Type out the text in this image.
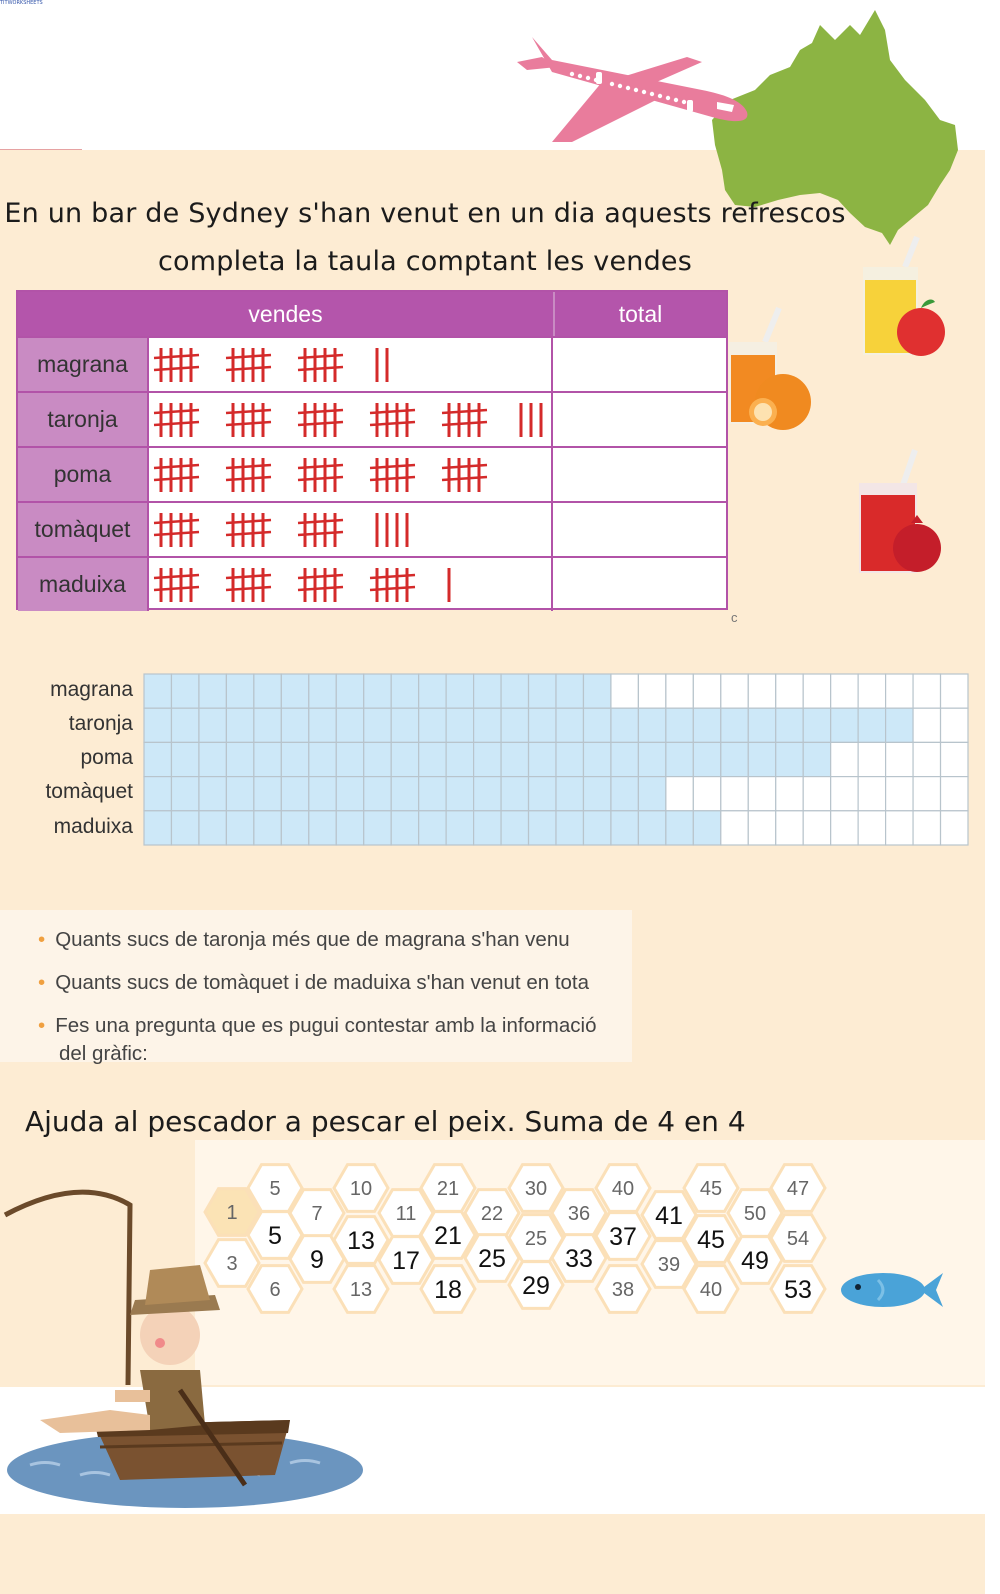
TITWORKSHEETS
En un bar de Sydney s'han venut en un dia aquests refrescos
completa la taula comptant les vendes
vendes	total
magrana
taronja
poma
tomàquet
maduixa
c
magrana
taronja
poma
tomàquet
maduixa
• Quants sucs de taronja més que de magrana s'han venu
• Quants sucs de tomàquet i de maduixa s'han venut en tota
• Fes una pregunta que es pugui contestar amb la informació
del gràfic:
Ajuda al pescador a pescar el peix. Suma de 4 en 4
1
3
5
5
6
7
9
10
13
13
11
17
21
21
18
22
25
30
25
29
36
33
40
37
38
41
39
45
45
40
50
49
47
54
53
